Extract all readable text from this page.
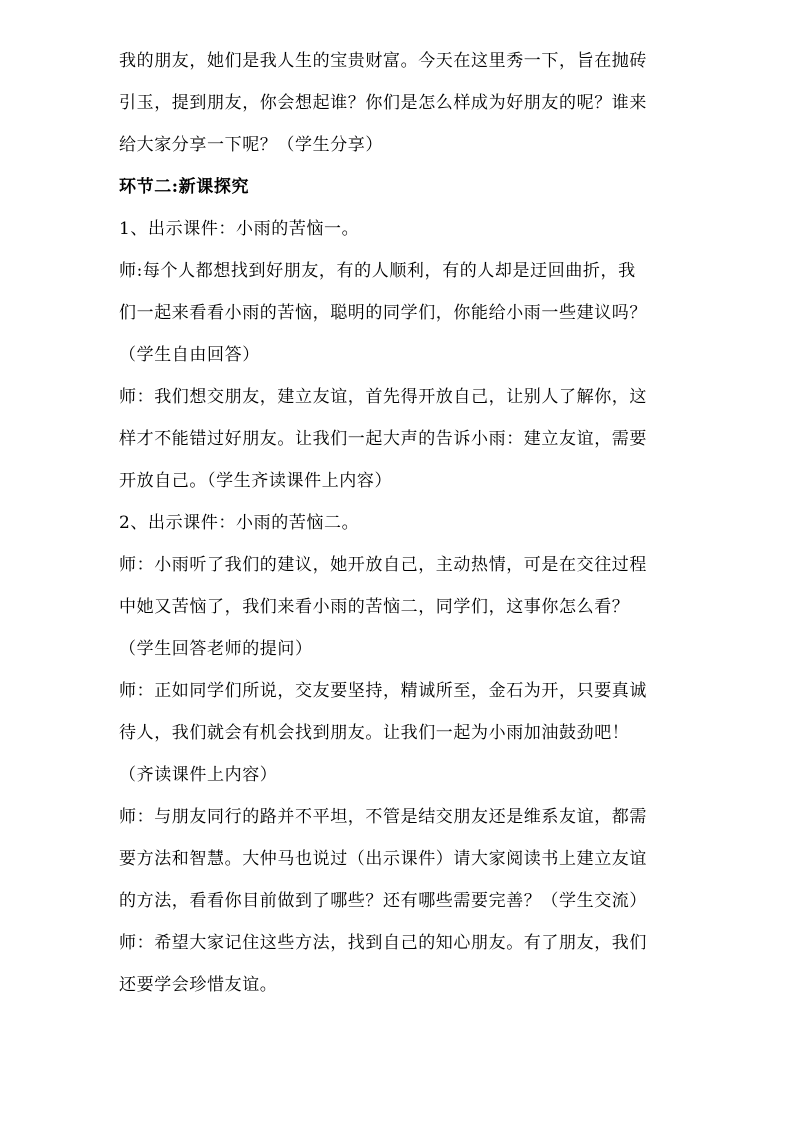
我的朋友，她们是我人生的宝贵财富。今天在这里秀一下，旨在抛砖
引玉，提到朋友，你会想起谁？你们是怎么样成为好朋友的呢？谁来
给大家分享一下呢？（学生分享）
环节二:新课探究
1、出示课件：小雨的苦恼一。
师:每个人都想找到好朋友，有的人顺利，有的人却是迂回曲折，我
们一起来看看小雨的苦恼，聪明的同学们，你能给小雨一些建议吗？
（学生自由回答）
师：我们想交朋友，建立友谊，首先得开放自己，让别人了解你，这
样才不能错过好朋友。让我们一起大声的告诉小雨：建立友谊，需要
开放自己。（学生齐读课件上内容）
2、出示课件：小雨的苦恼二。
师：小雨听了我们的建议，她开放自己，主动热情，可是在交往过程
中她又苦恼了，我们来看小雨的苦恼二，同学们，这事你怎么看？
（学生回答老师的提问）
师：正如同学们所说，交友要坚持，精诚所至，金石为开，只要真诚
待人，我们就会有机会找到朋友。让我们一起为小雨加油鼓劲吧！
（齐读课件上内容）
师：与朋友同行的路并不平坦，不管是结交朋友还是维系友谊，都需
要方法和智慧。大仲马也说过（出示课件）请大家阅读书上建立友谊
的方法，看看你目前做到了哪些？还有哪些需要完善？（学生交流）
师：希望大家记住这些方法，找到自己的知心朋友。有了朋友，我们
还要学会珍惜友谊。
